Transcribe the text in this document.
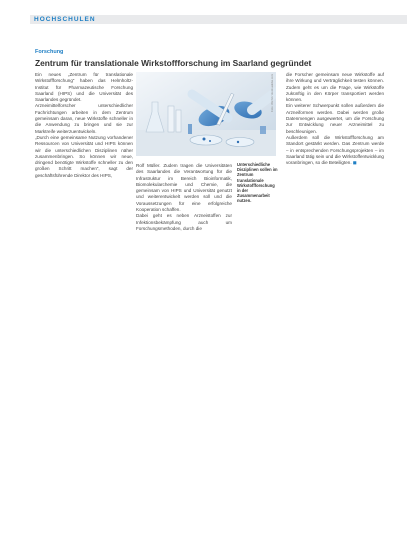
HOCHSCHULEN
Forschung
Zentrum für translationale Wirkstoffforschung im Saarland gegründet

Ein neues „Zentrum für translationale Wirkstoffforschung“ haben das Helmholtz-Institut für Pharmazeutische Forschung Saarland (HIPS) und die Universität des Saarlandes gegründet.

Arzneimittelforscher unterschiedlicher Fachrichtungen arbeiten in dem Zentrum gemeinsam daran, neue Wirkstoffe schneller in die Anwendung zu bringen und sie zur Marktreife weiterzuentwickeln.

„Durch eine gemeinsame Nutzung vorhandener Ressourcen von Universität und HIPS können wir die unterschiedlichen Disziplinen näher zusammenbringen. So können wir neue, dringend benötigte Wirkstoffe schneller zu den großen Schritt machen“, sagt der geschäftsführende Direktor des HIPS,

Foto: Wichit / stock.adobe.com

Rolf Müller. Zudem tragen die Universitäten des Saarlandes die Verantwortung für die Infrastruktur im Bereich Bioinformatik, Biomolekularchemie und Chemie, die gemeinsam von HIPS und Universität genutzt und weiterentwickelt werden soll und die Voraussetzungen für eine erfolgreiche Kooperation schaffen.

Dabei geht es neben Arzneistoffen zur Infektionsbekämpfung auch um Forschungsmethoden, durch die

Unterschiedliche Disziplinen sollen im Zentrum translationale Wirkstoffforschung in der Zusammenarbeit nutzen.

die Forscher gemeinsam neue Wirkstoffe auf ihre Wirkung und Verträglichkeit testen können. Zudem geht es um die Frage, wie Wirkstoffe zukünftig in den Körper transportiert werden können.

Ein weiterer Schwerpunkt sollen außerdem die Arzneiformen werden. Dabei werden große Datenmengen ausgewertet, um die Forschung zur Entwicklung neuer Arzneimittel zu beschleunigen.

Außerdem soll die Wirkstoffforschung am Standort gestärkt werden. Das Zentrum werde – in entsprechenden Forschungsprojekten – im Saarland tätig sein und die Wirkstoffentwicklung voranbringen, so die Beteiligten. ◼
